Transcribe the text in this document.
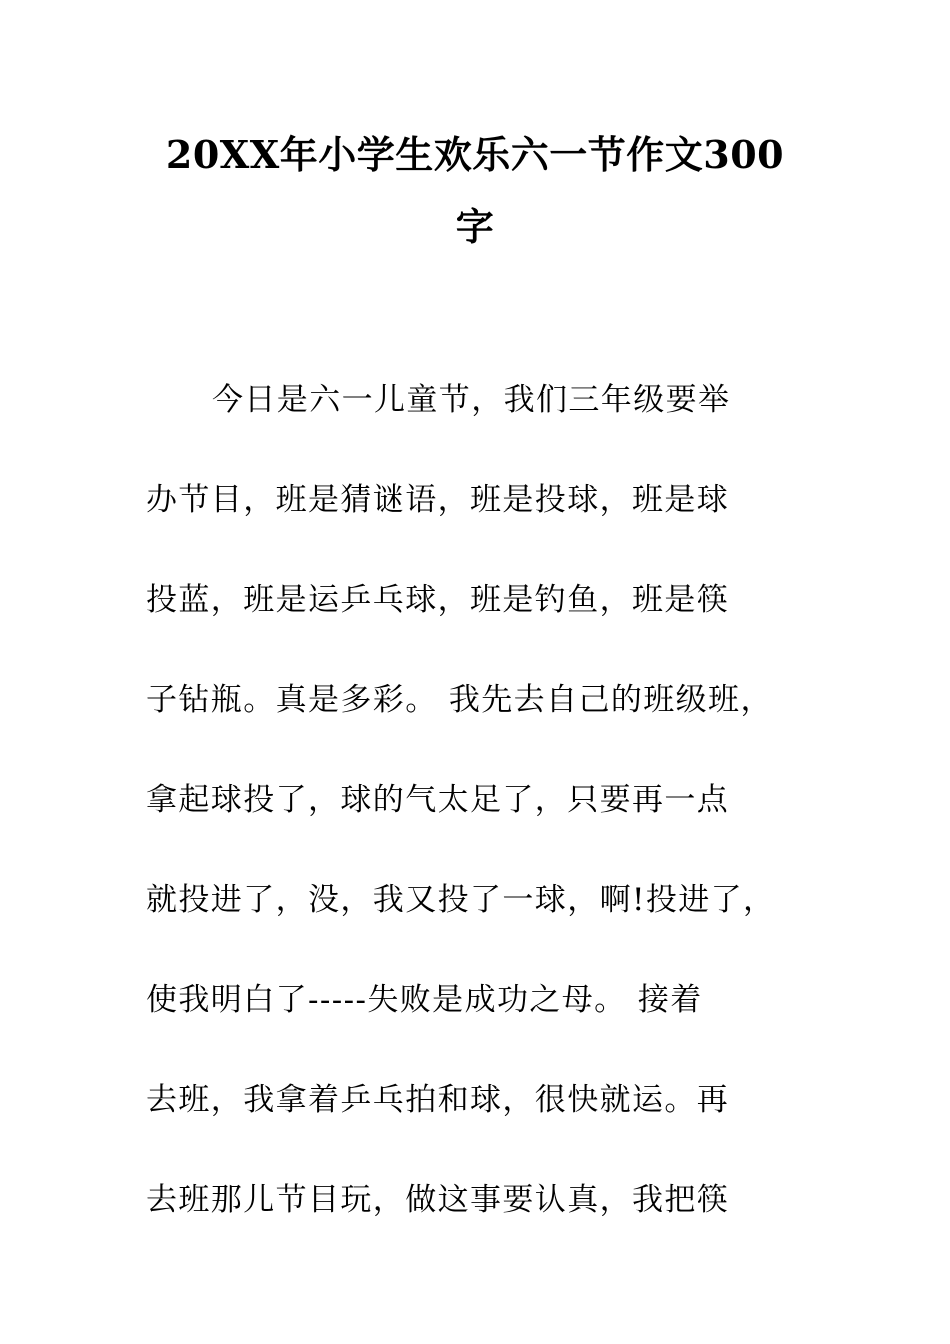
20XX年小学生欢乐六一节作文300
字
今日是六一儿童节，我们三年级要举
办节目，班是猜谜语，班是投球，班是球
投蓝，班是运乒乓球，班是钓鱼，班是筷
子钻瓶。真是多彩。 我先去自己的班级班，
拿起球投了，球的气太足了，只要再一点
就投进了，没，我又投了一球，啊!投进了，
使我明白了-----失败是成功之母。 接着
去班，我拿着乒乓拍和球，很快就运。再
去班那儿节目玩，做这事要认真，我把筷
